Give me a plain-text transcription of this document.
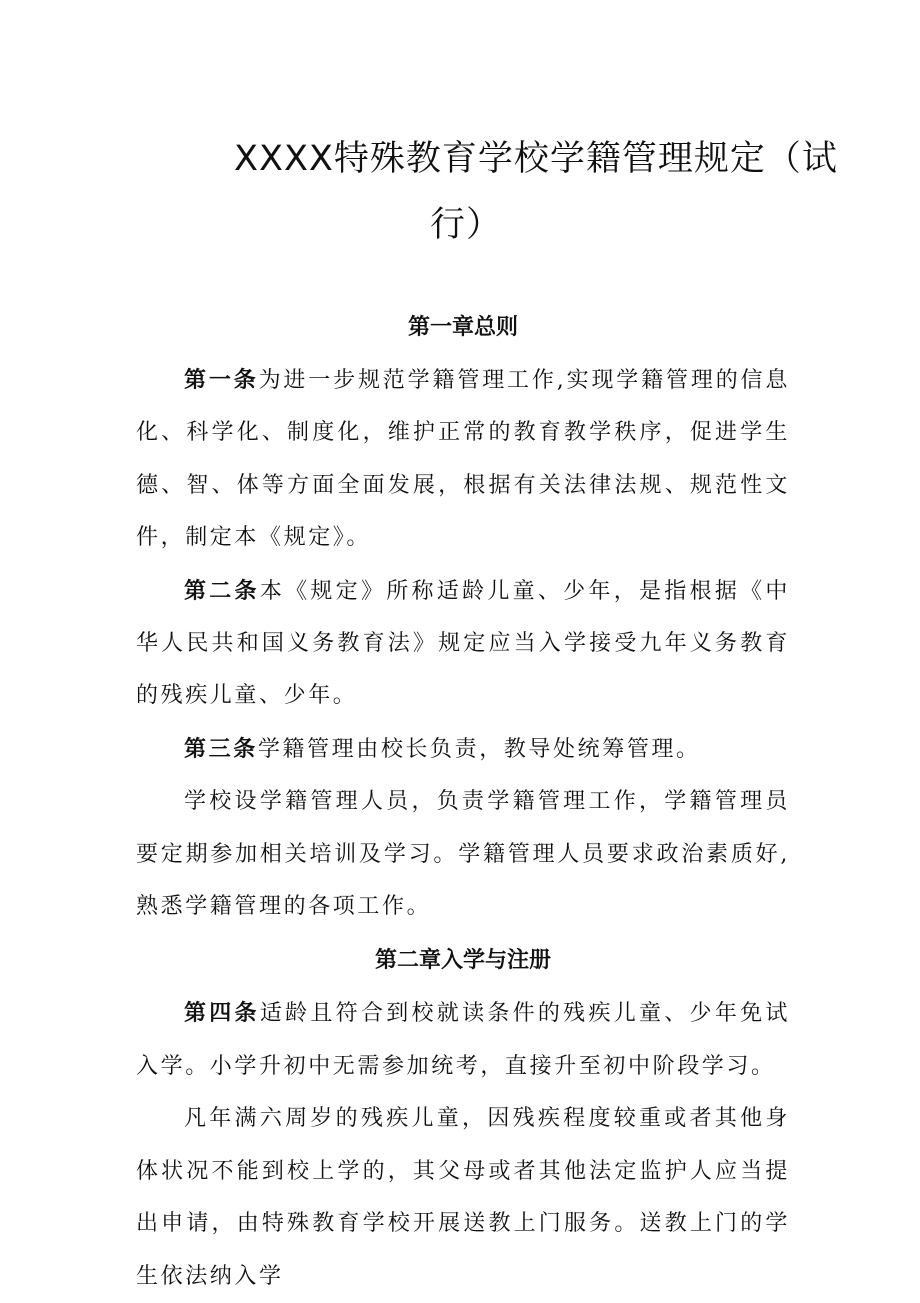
XXXX特殊教育学校学籍管理规定（试
行）
第一章总则

第一条为进一步规范学籍管理工作,实现学籍管理的信息化、科学化、制度化，维护正常的教育教学秩序，促进学生德、智、体等方面全面发展，根据有关法律法规、规范性文件，制定本《规定》。

第二条本《规定》所称适龄儿童、少年，是指根据《中华人民共和国义务教育法》规定应当入学接受九年义务教育的残疾儿童、少年。

第三条学籍管理由校长负责，教导处统筹管理。

学校设学籍管理人员，负责学籍管理工作，学籍管理员要定期参加相关培训及学习。学籍管理人员要求政治素质好,熟悉学籍管理的各项工作。

第二章入学与注册

第四条适龄且符合到校就读条件的残疾儿童、少年免试入学。小学升初中无需参加统考，直接升至初中阶段学习。

凡年满六周岁的残疾儿童，因残疾程度较重或者其他身体状况不能到校上学的，其父母或者其他法定监护人应当提出申请，由特殊教育学校开展送教上门服务。送教上门的学生依法纳入学
